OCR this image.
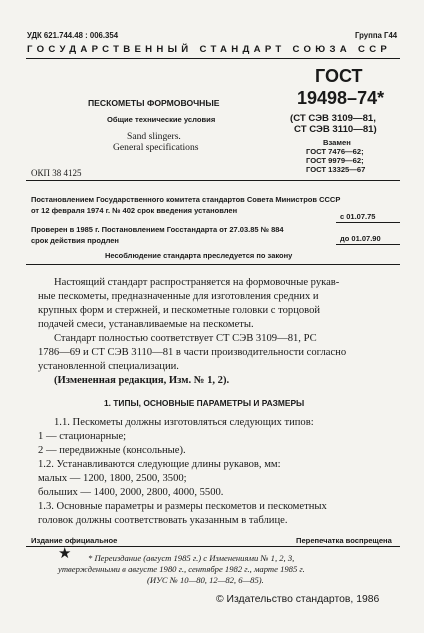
УДК 621.744.48 : 006.354	Группа Г44
ГОСУДАРСТВЕННЫЙ СТАНДАРТ СОЮЗА ССР
ПЕСКОМЕТЫ ФОРМОВОЧНЫЕ
Общие технические условия
Sand slingers.
General specifications
ОКП 38 4125
ГОСТ
19498–74*
(СТ СЭВ 3109—81,
СТ СЭВ 3110—81)
Взамен
ГОСТ 7476—62;
ГОСТ 9979—62;
ГОСТ 13325—67
Постановлением Государственного комитета стандартов Совета Министров СССР
от 12 февраля 1974 г. № 402 срок введения установлен
с 01.07.75
Проверен в 1985 г. Постановлением Госстандарта от 27.03.85 № 884
срок действия продлен	до 01.07.90
Несоблюдение стандарта преследуется по закону
Настоящий стандарт распространяется на формовочные рукав-
ные пескометы, предназначенные для изготовления средних и
крупных форм и стержней, и пескометные головки с торцовой
подачей смеси, устанавливаемые на пескометы.
Стандарт полностью соответствует СТ СЭВ 3109—81, РС
1786—69 и СТ СЭВ 3110—81 в части производительности согласно
установленной специализации.
(Измененная редакция, Изм. № 1, 2).
1. ТИПЫ, ОСНОВНЫЕ ПАРАМЕТРЫ И РАЗМЕРЫ
1.1. Пескометы должны изготовляться следующих типов:
1 — стационарные;
2 — передвижные (консольные).
1.2. Устанавливаются следующие длины рукавов, мм:
малых — 1200, 1800, 2500, 3500;
больших — 1400, 2000, 2800, 4000, 5500.
1.3. Основные параметры и размеры пескометов и пескометных
головок должны соответствовать указанным в таблице.
Издание официальное	Перепечатка воспрещена
★ * Переиздание (август 1985 г.) с Изменениями № 1, 2, 3,
утвержденными в августе 1980 г., сентябре 1982 г., марте 1985 г.
(ИУС № 10—80, 12—82, 6—85).
© Издательство стандартов, 1986
